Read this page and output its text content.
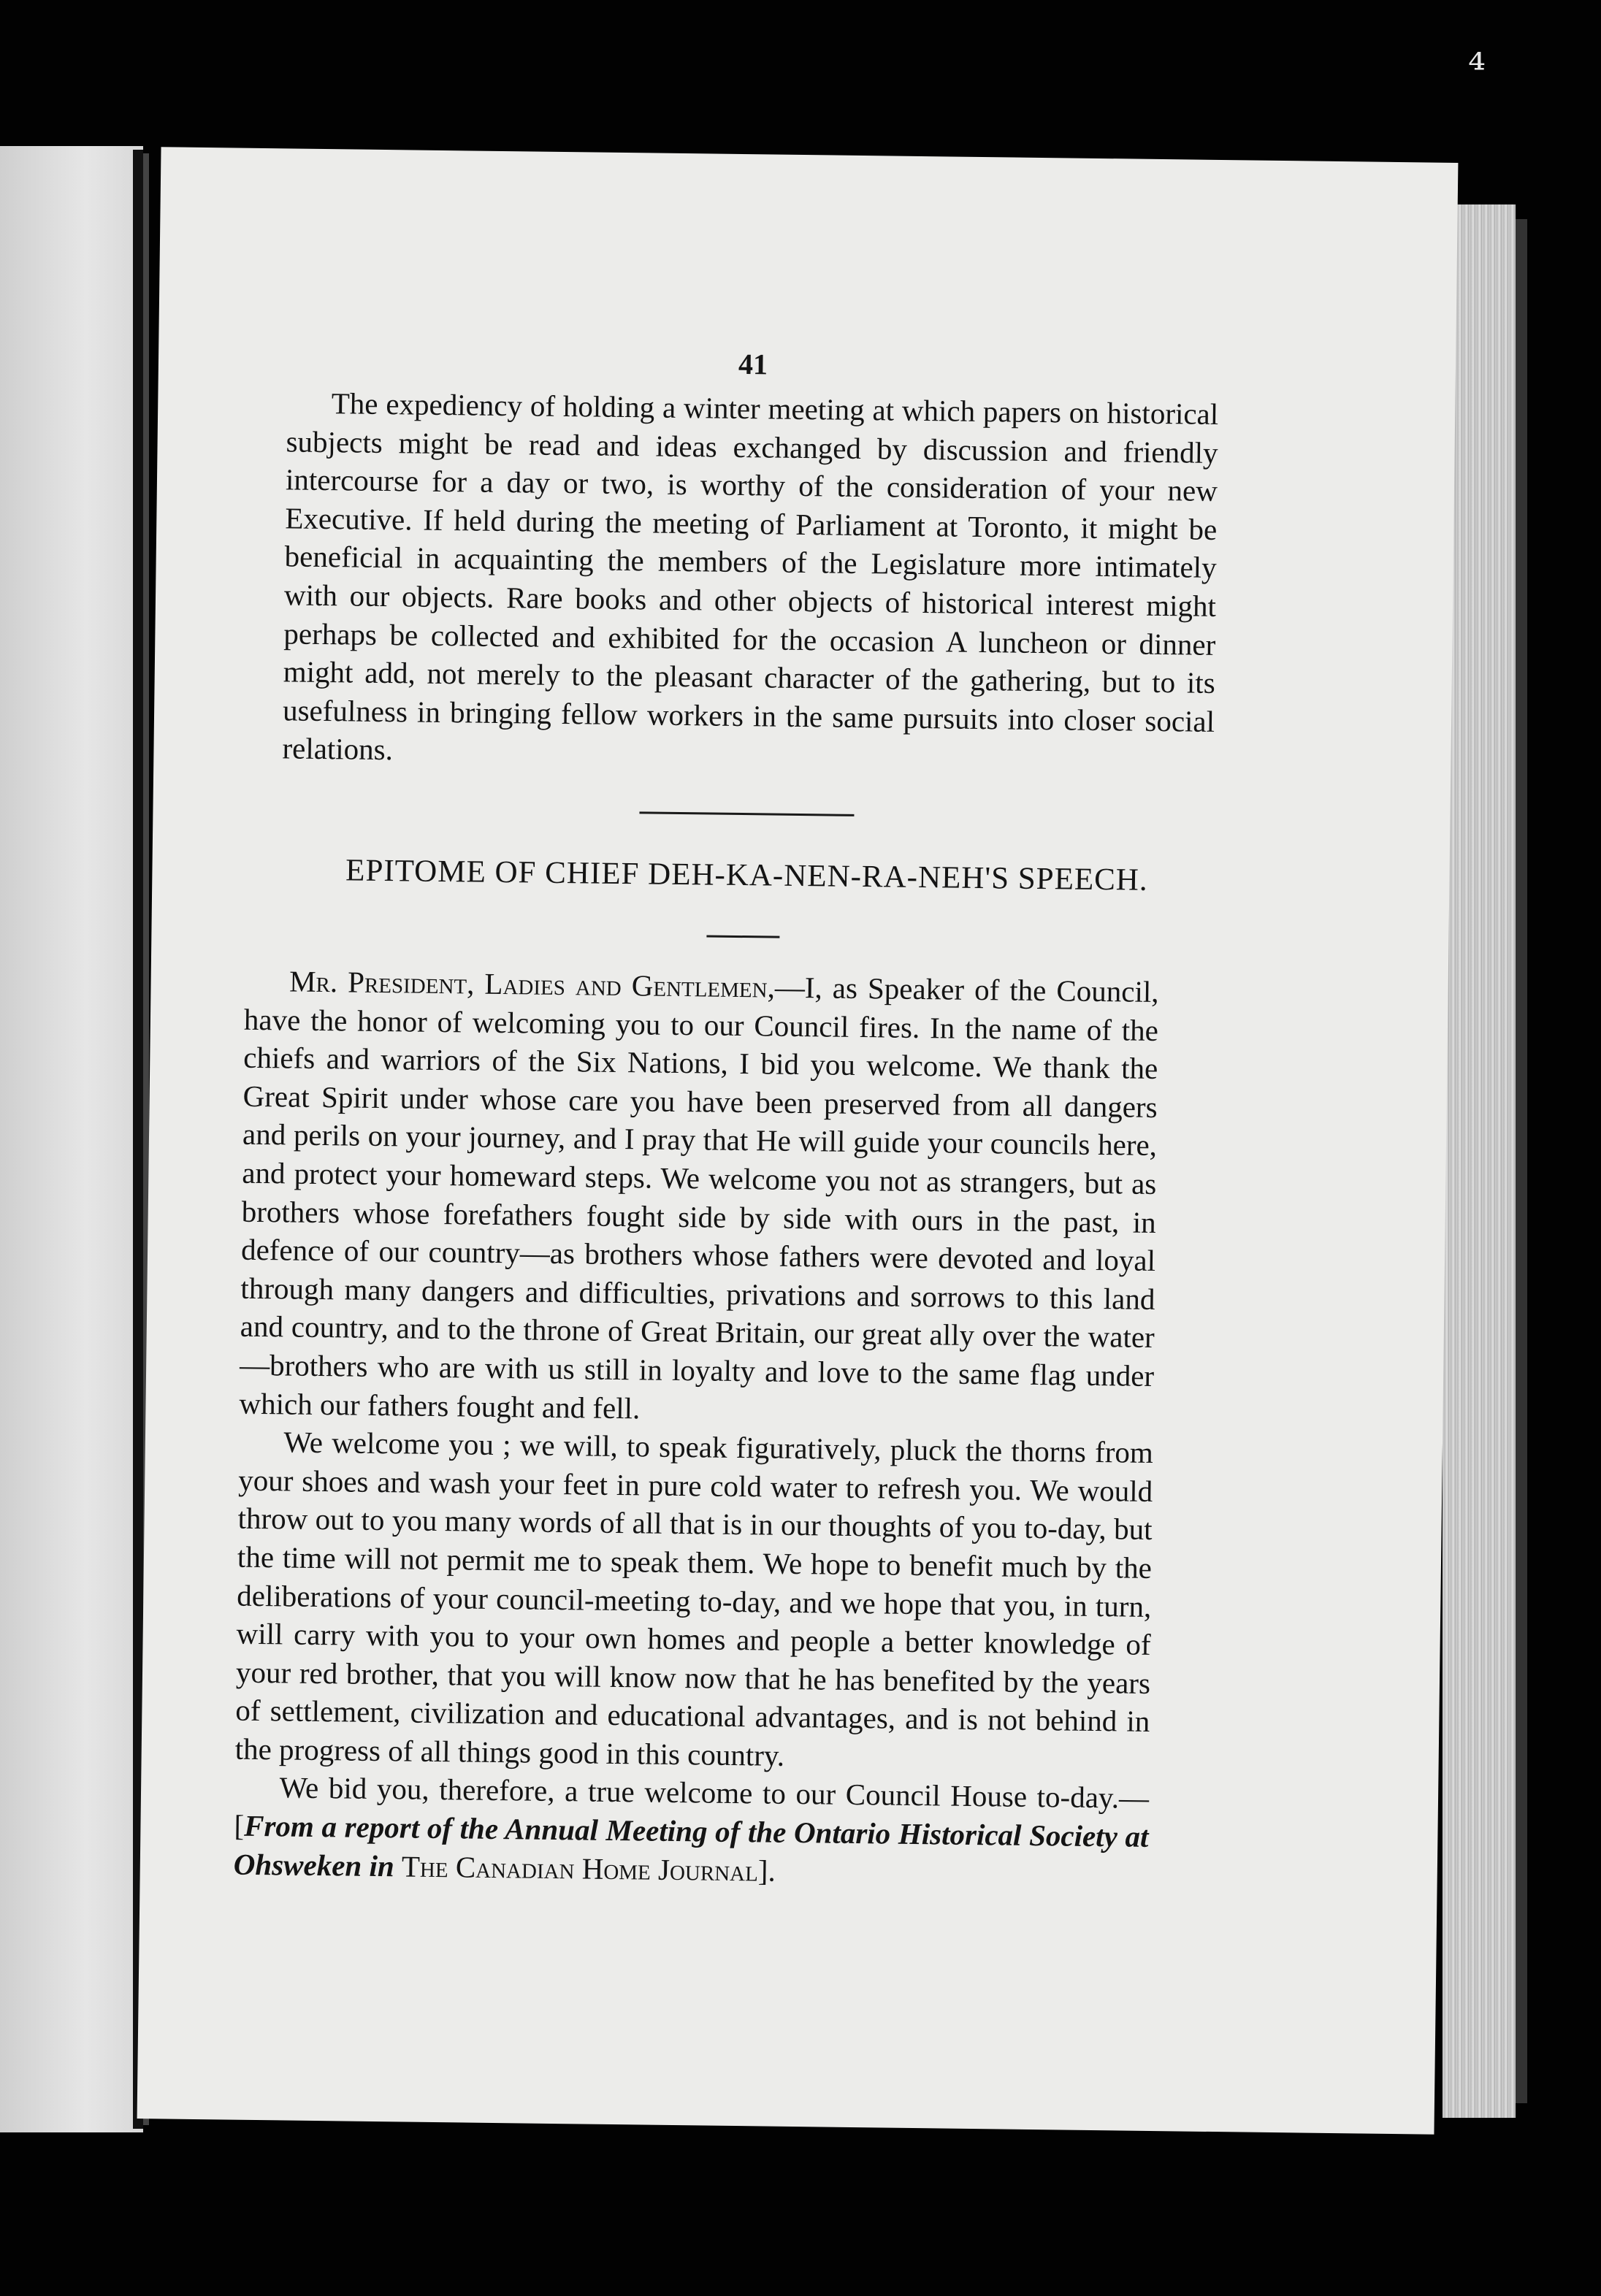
⁴
41

The expediency of holding a winter meeting at which papers on historical subjects might be read and ideas exchanged by discussion and friendly intercourse for a day or two, is worthy of the consideration of your new Executive. If held during the meeting of Parliament at Toronto, it might be beneficial in acquainting the members of the Legislature more intimately with our objects. Rare books and other objects of historical interest might perhaps be collected and exhibited for the occasion A luncheon or dinner might add, not merely to the pleasant character of the gathering, but to its usefulness in bringing fellow workers in the same pursuits into closer social relations.

EPITOME OF CHIEF DEH-KA-NEN-RA-NEH'S SPEECH.

Mr. President, Ladies and Gentlemen,—I, as Speaker of the Council, have the honor of welcoming you to our Council fires. In the name of the chiefs and warriors of the Six Nations, I bid you welcome. We thank the Great Spirit under whose care you have been preserved from all dangers and perils on your journey, and I pray that He will guide your councils here, and protect your homeward steps. We welcome you not as strangers, but as brothers whose forefathers fought side by side with ours in the past, in defence of our country—as brothers whose fathers were devoted and loyal through many dangers and difficulties, privations and sorrows to this land and country, and to the throne of Great Britain, our great ally over the water—brothers who are with us still in loyalty and love to the same flag under which our fathers fought and fell.

We welcome you ; we will, to speak figuratively, pluck the thorns from your shoes and wash your feet in pure cold water to refresh you. We would throw out to you many words of all that is in our thoughts of you to-day, but the time will not permit me to speak them. We hope to benefit much by the deliberations of your council-meeting to-day, and we hope that you, in turn, will carry with you to your own homes and people a better knowledge of your red brother, that you will know now that he has benefited by the years of settlement, civilization and educational advantages, and is not behind in the progress of all things good in this country.

We bid you, therefore, a true welcome to our Council House to-day.—[From a report of the Annual Meeting of the Ontario Historical Society at Ohsweken in The Canadian Home Journal].
